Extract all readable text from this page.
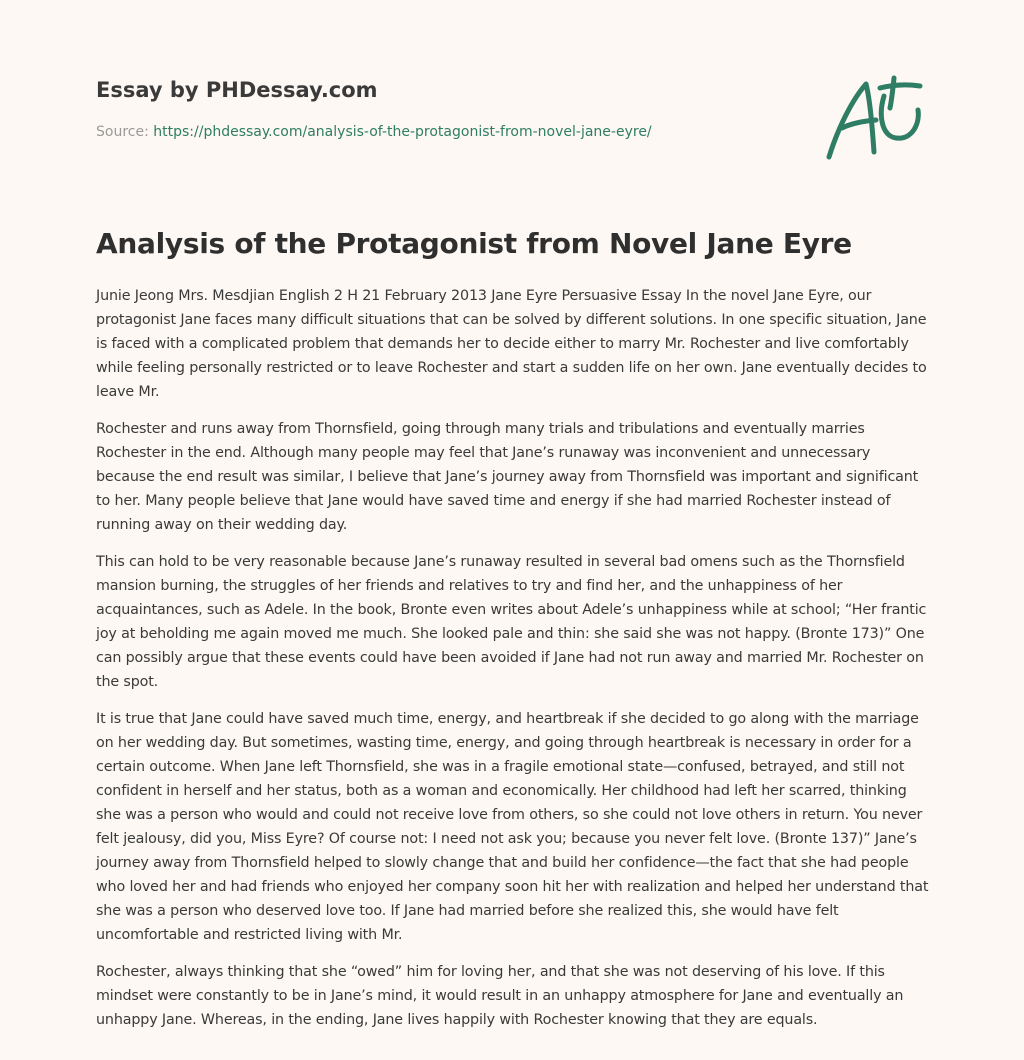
Essay by PHDessay.com
Source: https://phdessay.com/analysis-of-the-protagonist-from-novel-jane-eyre/
Analysis of the Protagonist from Novel Jane Eyre

Junie Jeong Mrs. Mesdjian English 2 H 21 February 2013 Jane Eyre Persuasive Essay In the novel Jane Eyre, our protagonist Jane faces many difficult situations that can be solved by different solutions. In one specific situation, Jane is faced with a complicated problem that demands her to decide either to marry Mr. Rochester and live comfortably while feeling personally restricted or to leave Rochester and start a sudden life on her own. Jane eventually decides to leave Mr.

Rochester and runs away from Thornsfield, going through many trials and tribulations and eventually marries Rochester in the end. Although many people may feel that Jane’s runaway was inconvenient and unnecessary because the end result was similar, I believe that Jane’s journey away from Thornsfield was important and significant to her. Many people believe that Jane would have saved time and energy if she had married Rochester instead of running away on their wedding day.

This can hold to be very reasonable because Jane’s runaway resulted in several bad omens such as the Thornsfield mansion burning, the struggles of her friends and relatives to try and find her, and the unhappiness of her acquaintances, such as Adele. In the book, Bronte even writes about Adele’s unhappiness while at school; “Her frantic joy at beholding me again moved me much. She looked pale and thin: she said she was not happy. (Bronte 173)” One can possibly argue that these events could have been avoided if Jane had not run away and married Mr. Rochester on the spot.

It is true that Jane could have saved much time, energy, and heartbreak if she decided to go along with the marriage on her wedding day. But sometimes, wasting time, energy, and going through heartbreak is necessary in order for a certain outcome. When Jane left Thornsfield, she was in a fragile emotional state—confused, betrayed, and still not confident in herself and her status, both as a woman and economically. Her childhood had left her scarred, thinking she was a person who would and could not receive love from others, so she could not love others in return. You never felt jealousy, did you, Miss Eyre? Of course not: I need not ask you; because you never felt love. (Bronte 137)” Jane’s journey away from Thornsfield helped to slowly change that and build her confidence—the fact that she had people who loved her and had friends who enjoyed her company soon hit her with realization and helped her understand that she was a person who deserved love too. If Jane had married before she realized this, she would have felt uncomfortable and restricted living with Mr.

Rochester, always thinking that she “owed” him for loving her, and that she was not deserving of his love. If this mindset were constantly to be in Jane’s mind, it would result in an unhappy atmosphere for Jane and eventually an unhappy Jane. Whereas, in the ending, Jane lives happily with Rochester knowing that they are equals.
